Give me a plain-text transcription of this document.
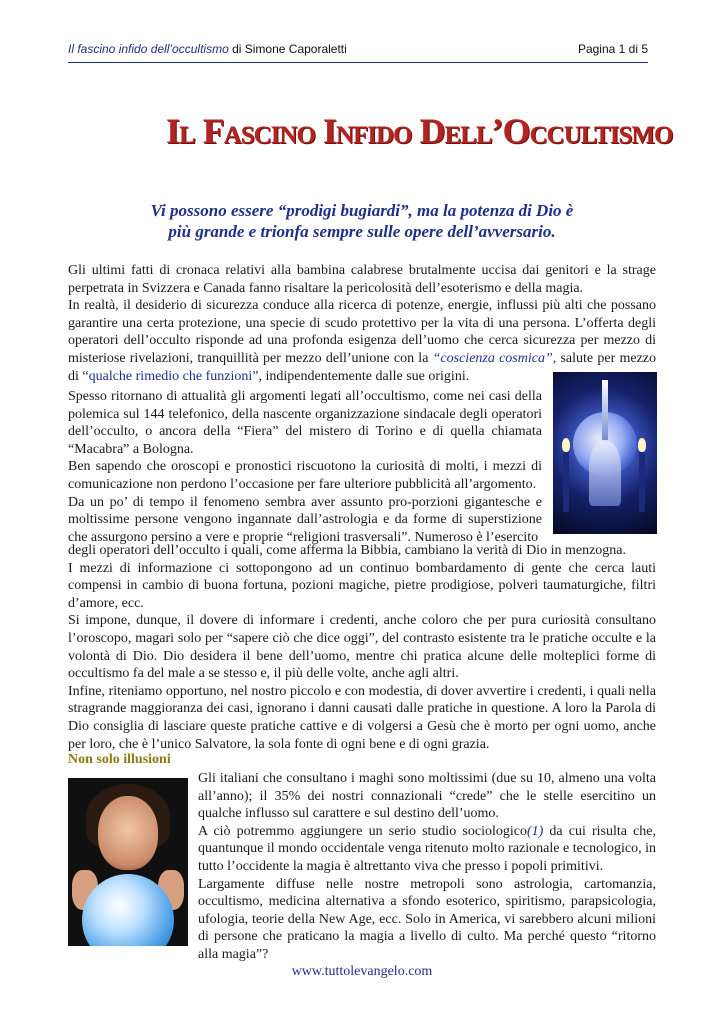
Il fascino infido dell’occultismo di Simone Caporaletti	Pagina 1 di 5
Il Fascino Infido Dell’Occultismo
Vi possono essere “prodigi bugiardi”, ma la potenza di Dio è
più grande e trionfa sempre sulle opere dell’avversario.

Gli ultimi fatti di cronaca relativi alla bambina calabrese brutalmente uccisa dai genitori e la strage perpetrata in Svizzera e Canada fanno risaltare la pericolosità dell’esoterismo e della magia.

In realtà, il desiderio di sicurezza conduce alla ricerca di potenze, energie, influssi più alti che possano garantire una certa protezione, una specie di scudo protettivo per la vita di una persona. L’offerta degli operatori dell’occulto risponde ad una profonda esigenza dell’uomo che cerca sicurezza per mezzo di misteriose rivelazioni, tranquillità per mezzo dell’unione con la “coscienza cosmica”, salute per mezzo di “qualche rimedio che funzioni”, indipendentemente dalle sue origini.

Spesso ritornano di attualità gli argomenti legati all’occultismo, come nei casi della polemica sul 144 telefonico, della nascente organizzazione sindacale degli operatori dell’occulto, o ancora della “Fiera” del mistero di Torino e di quella chiamata “Macabra” a Bologna.

Ben sapendo che oroscopi e pronostici riscuotono la curiosità di molti, i mezzi di comunicazione non perdono l’occasione per fare ulteriore pubblicità all’argomento.

Da un po’ di tempo il fenomeno sembra aver assunto pro-porzioni gigantesche e moltissime persone vengono ingannate dall’astrologia e da forme di superstizione che assurgono persino a vere e proprie “religioni trasversali”. Numeroso è l’esercito

degli operatori dell’occulto i quali, come afferma la Bibbia, cambiano la verità di Dio in menzogna.

I mezzi di informazione ci sottopongono ad un continuo bombardamento di gente che cerca lauti compensi in cambio di buona fortuna, pozioni magiche, pietre prodigiose, polveri taumaturgiche, filtri d’amore, ecc.

Si impone, dunque, il dovere di informare i credenti, anche coloro che per pura curiosità consultano l’oroscopo, magari solo per “sapere ciò che dice oggi”, del contrasto esistente tra le pratiche occulte e la volontà di Dio. Dio desidera il bene dell’uomo, mentre chi pratica alcune delle molteplici forme di occultismo fa del male a se stesso e, il più delle volte, anche agli altri.

Infine, riteniamo opportuno, nel nostro piccolo e con modestia, di dover avvertire i credenti, i quali nella stragrande maggioranza dei casi, ignorano i danni causati dalle pratiche in questione. A loro la Parola di Dio consiglia di lasciare queste pratiche cattive e di volgersi a Gesù che è morto per ogni uomo, anche per loro, che è l’unico Salvatore, la sola fonte di ogni bene e di ogni grazia.

Non solo illusioni

Gli italiani che consultano i maghi sono moltissimi (due su 10, almeno una volta all’anno); il 35% dei nostri connazionali “crede” che le stelle esercitino un qualche influsso sul carattere e sul destino dell’uomo.

A ciò potremmo aggiungere un serio studio sociologico(1) da cui risulta che, quantunque il mondo occidentale venga ritenuto molto razionale e tecnologico, in tutto l’occidente la magia è altrettanto viva che presso i popoli primitivi.

Largamente diffuse nelle nostre metropoli sono astrologia, cartomanzia, occultismo, medicina alternativa a sfondo esoterico, spiritismo, parapsicologia, ufologia, teorie della New Age, ecc. Solo in America, vi sarebbero alcuni milioni di persone che praticano la magia a livello di culto. Ma perché questo “ritorno alla magia”?

www.tuttolevangelo.com
